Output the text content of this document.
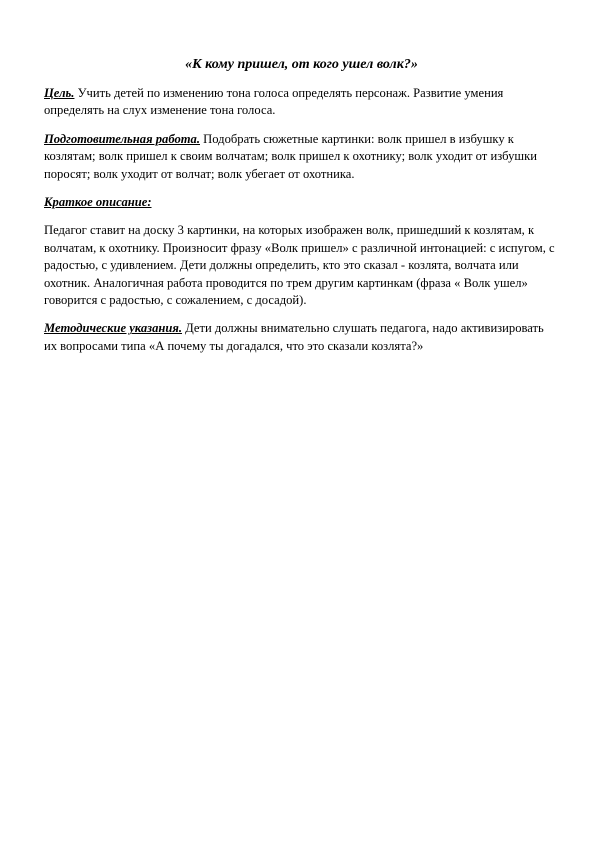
«К кому пришел, от кого ушел волк?»

Цель. Учить детей по изменению тона голоса определять персонаж. Развитие умения определять на слух изменение тона голоса.

Подготовительная работа. Подобрать сюжетные картинки: волк пришел в избушку к козлятам; волк пришел к своим волчатам; волк пришел к охотнику; волк уходит от избушки поросят; волк уходит от волчат; волк убегает от охотника.

Краткое описание:

Педагог ставит на доску 3 картинки, на которых изображен волк, пришедший к козлятам, к волчатам, к охотнику. Произносит фразу «Волк пришел» с различной интонацией: с испугом, с радостью, с удивлением. Дети должны определить, кто это сказал - козлята, волчата или охотник. Аналогичная работа проводится по трем другим картинкам (фраза « Волк ушел» говорится с радостью, с сожалением, с досадой).

Методические указания. Дети должны внимательно слушать педагога, надо активизировать их вопросами типа «А почему ты догадался, что это сказали козлята?»
